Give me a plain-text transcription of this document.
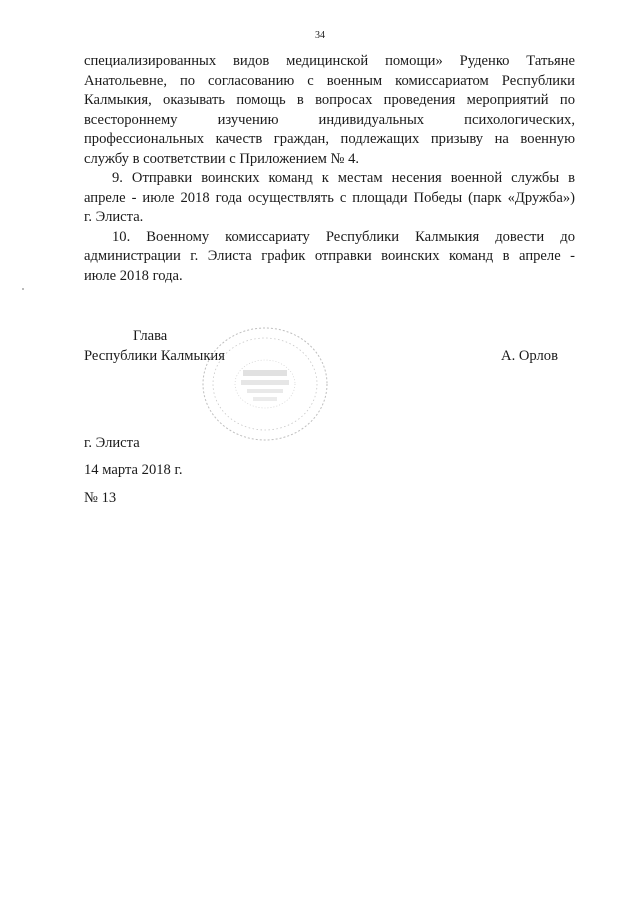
34

специализированных видов медицинской помощи» Руденко Татьяне
Анатольевне, по согласованию с военным комиссариатом Республики
Калмыкия, оказывать помощь в вопросах проведения мероприятий по
всестороннему изучению индивидуальных психологических,
профессиональных качеств граждан, подлежащих призыву на военную
службу в соответствии с Приложением № 4.

9. Отправки воинских команд к местам несения военной службы в
апреле - июле 2018 года осуществлять с площади Победы (парк «Дружба»)
г. Элиста.

10. Военному комиссариату Республики Калмыкия довести до
администрации г. Элиста график отправки воинских команд в апреле -
июле 2018 года.

Глава
Республики Калмыкия	А. Орлов
г. Элиста
14 марта 2018 г.
№ 13
